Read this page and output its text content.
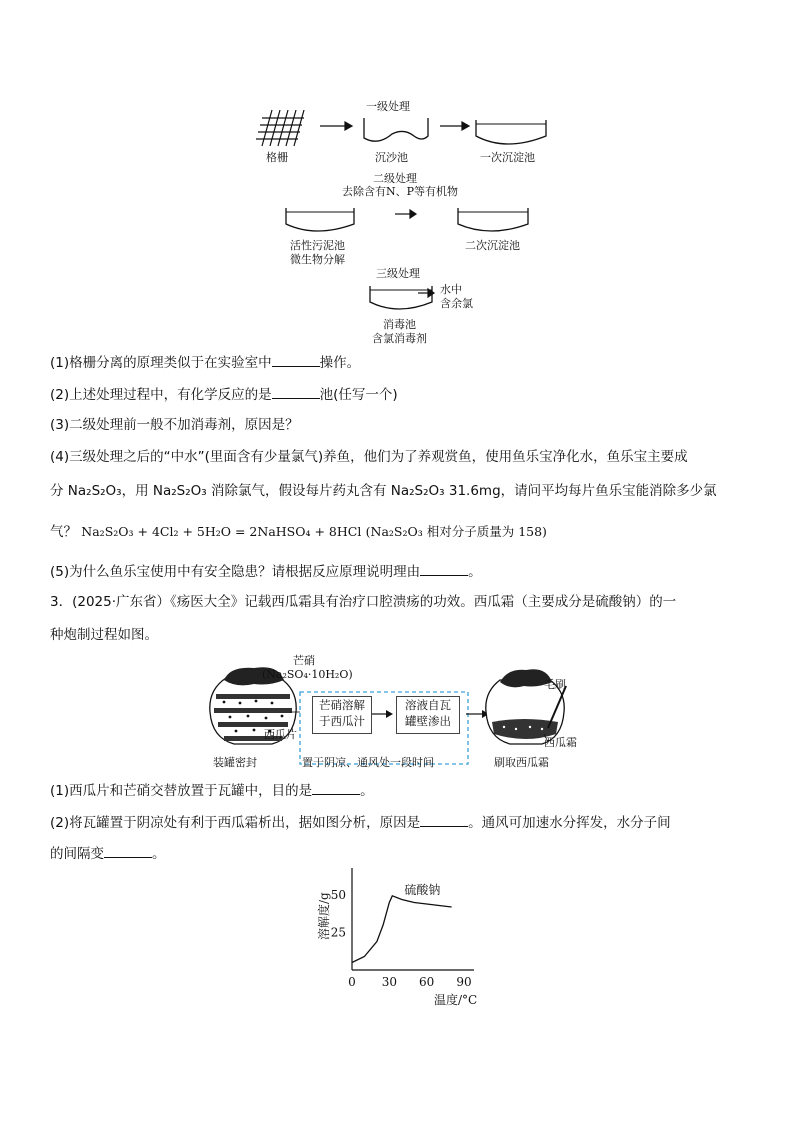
格栅
一级处理
沉沙池	一次沉淀池
二级处理
去除含有N、P等有机物
活性污泥池
微生物分解
二次沉淀池
三级处理
水中
含余氯
消毒池
含氯消毒剂
(1)格栅分离的原理类似于在实验室中	操作。
(2)上述处理过程中，有化学反应的是	池(任写一个)
(3)二级处理前一般不加消毒剂，原因是？
(4)三级处理之后的“中水”(里面含有少量氯气)养鱼，他们为了养观赏鱼，使用鱼乐宝净化水，鱼乐宝主要成
分 Na₂S₂O₃，用 Na₂S₂O₃ 消除氯气，假设每片药丸含有 Na₂S₂O₃ 31.6mg，请问平均每片鱼乐宝能消除多少氯
气？ Na₂S₂O₃ + 4Cl₂ + 5H₂O = 2NaHSO₄ + 8HCl (Na₂S₂O₃ 相对分子质量为 158)
(5)为什么鱼乐宝使用中有安全隐患？请根据反应原理说明理由	。
3．(2025·广东省）《疡医大全》记载西瓜霜具有治疗口腔溃疡的功效。西瓜霜（主要成分是硫酸钠）的一
种炮制过程如图。
芒硝
(Na₂SO₄·10H₂O)
西瓜片
芒硝溶解
于西瓜汁
溶液自瓦
罐壁渗出
毛刷
西瓜霜
装罐密封	置于阴凉、通风处一段时间	刷取西瓜霜
(1)西瓜片和芒硝交替放置于瓦罐中，目的是	。
(2)将瓦罐置于阴凉处有利于西瓜霜析出，据如图分析，原因是	。通风可加速水分挥发，水分子间
的间隔变	。
0 30 60 90
25
50
温度/°C
溶解度/g
硫酸钠
